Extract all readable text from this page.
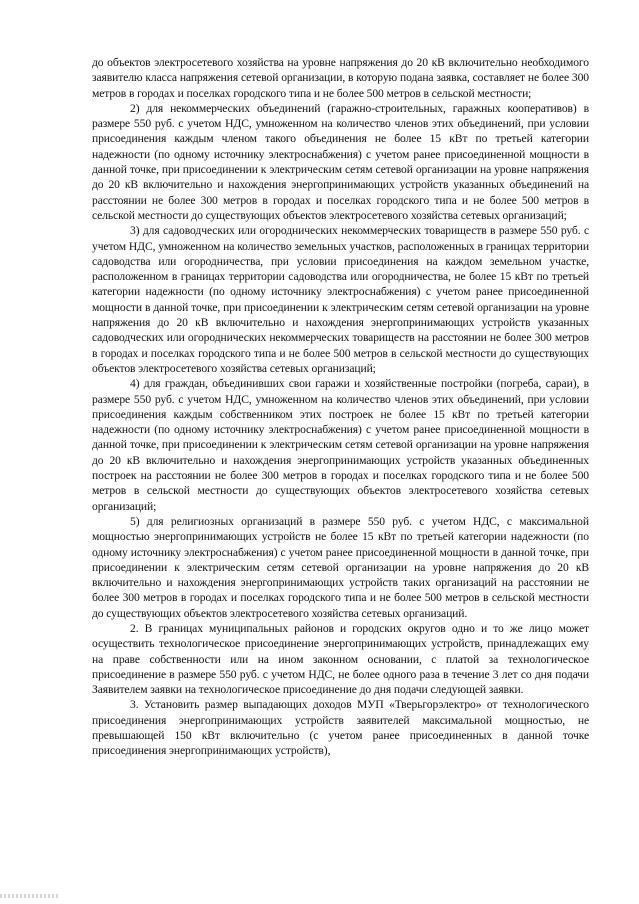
до объектов электросетевого хозяйства на уровне напряжения до 20 кВ включительно необходимого заявителю класса напряжения сетевой организации, в которую подана заявка, составляет не более 300 метров в городах и поселках городского типа и не более 500 метров в сельской местности;

2) для некоммерческих объединений (гаражно-строительных, гаражных кооперативов) в размере 550 руб. с учетом НДС, умноженном на количество членов этих объединений, при условии присоединения каждым членом такого объединения не более 15 кВт по третьей категории надежности (по одному источнику электроснабжения) с учетом ранее присоединенной мощности в данной точке, при присоединении к электрическим сетям сетевой организации на уровне напряжения до 20 кВ включительно и нахождения энергопринимающих устройств указанных объединений на расстоянии не более 300 метров в городах и поселках городского типа и не более 500 метров в сельской местности до существующих объектов электросетевого хозяйства сетевых организаций;

3) для садоводческих или огороднических некоммерческих товариществ в размере 550 руб. с учетом НДС, умноженном на количество земельных участков, расположенных в границах территории садоводства или огородничества, при условии присоединения на каждом земельном участке, расположенном в границах территории садоводства или огородничества, не более 15 кВт по третьей категории надежности (по одному источнику электроснабжения) с учетом ранее присоединенной мощности в данной точке, при присоединении к электрическим сетям сетевой организации на уровне напряжения до 20 кВ включительно и нахождения энергопринимающих устройств указанных садоводческих или огороднических некоммерческих товариществ на расстоянии не более 300 метров в городах и поселках городского типа и не более 500 метров в сельской местности до существующих объектов электросетевого хозяйства сетевых организаций;

4) для граждан, объединивших свои гаражи и хозяйственные постройки (погреба, сараи), в размере 550 руб. с учетом НДС, умноженном на количество членов этих объединений, при условии присоединения каждым собственником этих построек не более 15 кВт по третьей категории надежности (по одному источнику электроснабжения) с учетом ранее присоединенной мощности в данной точке, при присоединении к электрическим сетям сетевой организации на уровне напряжения до 20 кВ включительно и нахождения энергопринимающих устройств указанных объединенных построек на расстоянии не более 300 метров в городах и поселках городского типа и не более 500 метров в сельской местности до существующих объектов электросетевого хозяйства сетевых организаций;

5) для религиозных организаций в размере 550 руб. с учетом НДС, с максимальной мощностью энергопринимающих устройств не более 15 кВт по третьей категории надежности (по одному источнику электроснабжения) с учетом ранее присоединенной мощности в данной точке, при присоединении к электрическим сетям сетевой организации на уровне напряжения до 20 кВ включительно и нахождения энергопринимающих устройств таких организаций на расстоянии не более 300 метров в городах и поселках городского типа и не более 500 метров в сельской местности до существующих объектов электросетевого хозяйства сетевых организаций.

2. В границах муниципальных районов и городских округов одно и то же лицо может осуществить технологическое присоединение энергопринимающих устройств, принадлежащих ему на праве собственности или на ином законном основании, с платой за технологическое присоединение в размере 550 руб. с учетом НДС, не более одного раза в течение 3 лет со дня подачи Заявителем заявки на технологическое присоединение до дня подачи следующей заявки.

3. Установить размер выпадающих доходов МУП «Тверьгорэлектро» от технологического присоединения энергопринимающих устройств заявителей максимальной мощностью, не превышающей 150 кВт включительно (с учетом ранее присоединенных в данной точке присоединения энергопринимающих устройств),
